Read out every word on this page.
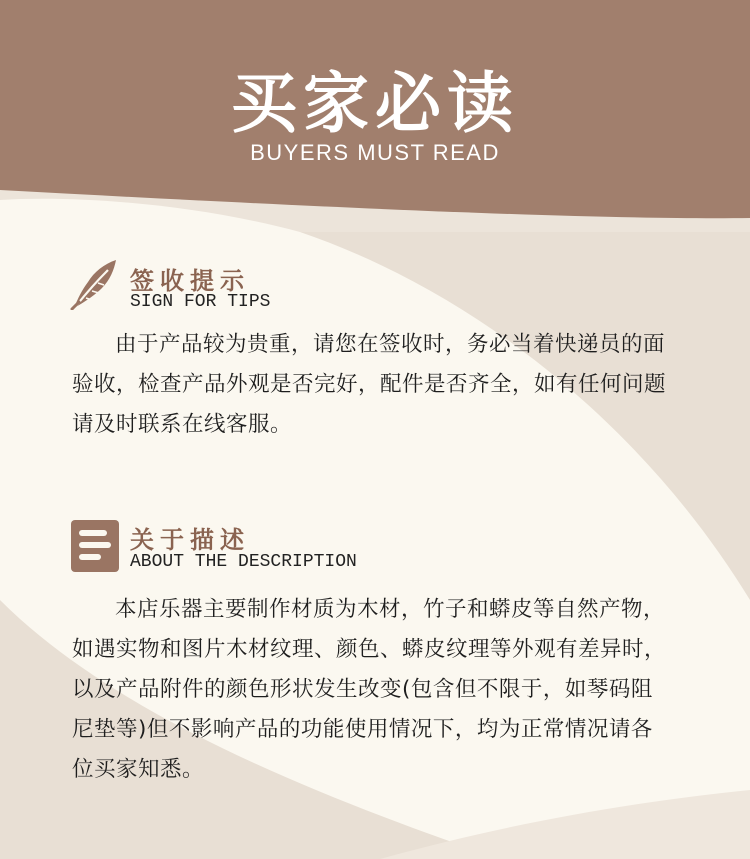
买家必读
BUYERS MUST READ
签收提示
SIGN FOR TIPS
由于产品较为贵重，请您在签收时，务必当着快递员的面验收，检查产品外观是否完好，配件是否齐全，如有任何问题请及时联系在线客服。
关于描述
ABOUT THE DESCRIPTION
本店乐器主要制作材质为木材，竹子和蟒皮等自然产物，如遇实物和图片木材纹理、颜色、蟒皮纹理等外观有差异时，以及产品附件的颜色形状发生改变(包含但不限于，如琴码阻尼垫等)但不影响产品的功能使用情况下，均为正常情况请各位买家知悉。
